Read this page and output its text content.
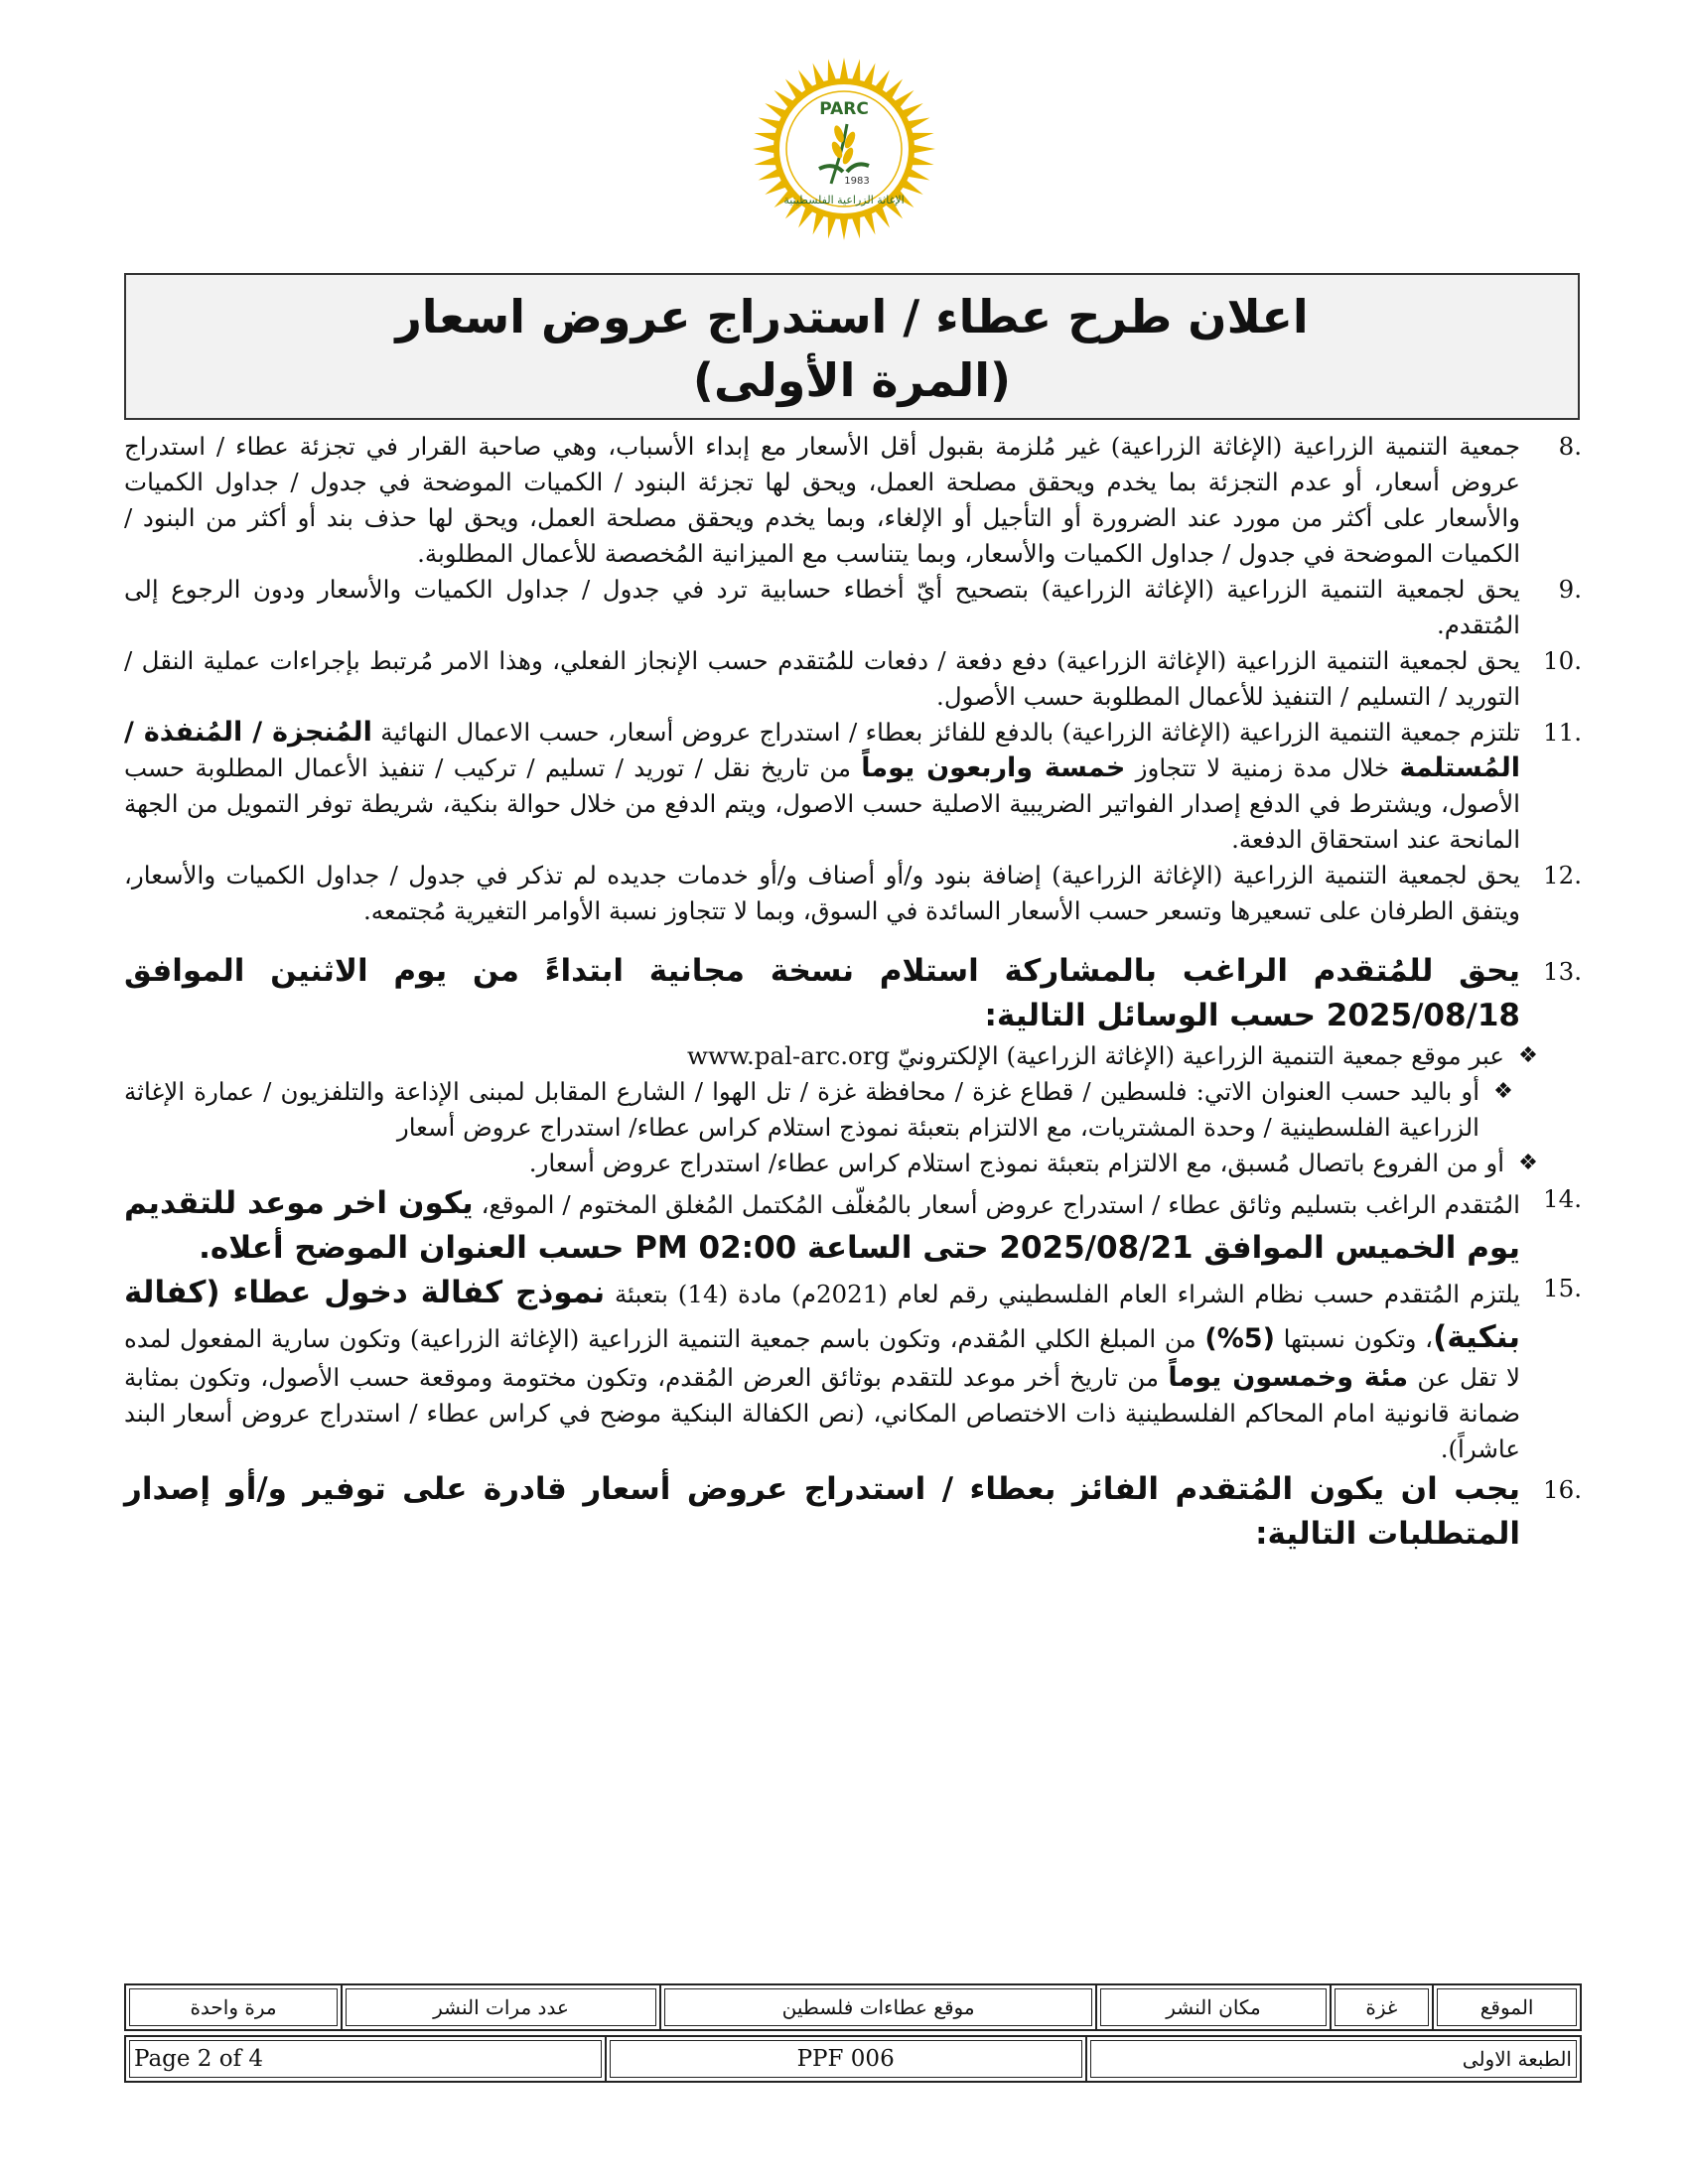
PARC
1983
الإغاثة الزراعية الفلسطينية
اعلان طرح عطاء / استدراج عروض اسعار
(المرة الأولى)
8.
جمعية التنمية الزراعية (الإغاثة الزراعية) غير مُلزمة بقبول أقل الأسعار مع إبداء الأسباب، وهي صاحبة القرار في تجزئة عطاء / استدراج عروض أسعار، أو عدم التجزئة بما يخدم ويحقق مصلحة العمل، ويحق لها تجزئة البنود / الكميات الموضحة في جدول / جداول الكميات والأسعار على أكثر من مورد عند الضرورة أو التأجيل أو الإلغاء، وبما يخدم ويحقق مصلحة العمل، ويحق لها حذف بند أو أكثر من البنود / الكميات الموضحة في جدول / جداول الكميات والأسعار، وبما يتناسب مع الميزانية المُخصصة للأعمال المطلوبة.
9.
يحق لجمعية التنمية الزراعية (الإغاثة الزراعية) بتصحيح أيّ أخطاء حسابية ترد في جدول / جداول الكميات والأسعار ودون الرجوع إلى المُتقدم.
10.
يحق لجمعية التنمية الزراعية (الإغاثة الزراعية) دفع دفعة / دفعات للمُتقدم حسب الإنجاز الفعلي، وهذا الامر مُرتبط بإجراءات عملية النقل / التوريد / التسليم / التنفيذ للأعمال المطلوبة حسب الأصول.
11.
تلتزم جمعية التنمية الزراعية (الإغاثة الزراعية) بالدفع للفائز بعطاء / استدراج عروض أسعار، حسب الاعمال النهائية المُنجزة / المُنفذة / المُستلمة خلال مدة زمنية لا تتجاوز خمسة واربعون يوماً من تاريخ نقل / توريد / تسليم / تركيب / تنفيذ الأعمال المطلوبة حسب الأصول، ويشترط في الدفع إصدار الفواتير الضريبية الاصلية حسب الاصول، ويتم الدفع من خلال حوالة بنكية، شريطة توفر التمويل من الجهة المانحة عند استحقاق الدفعة.
12.
يحق لجمعية التنمية الزراعية (الإغاثة الزراعية) إضافة بنود و/أو أصناف و/أو خدمات جديده لم تذكر في جدول / جداول الكميات والأسعار، ويتفق الطرفان على تسعيرها وتسعر حسب الأسعار السائدة في السوق، وبما لا تتجاوز نسبة الأوامر التغيرية مُجتمعه.
13.
يحق للمُتقدم الراغب بالمشاركة استلام نسخة مجانية ابتداءً من يوم الاثنين الموافق 2025/08/18 حسب الوسائل التالية:
❖
عبر موقع جمعية التنمية الزراعية (الإغاثة الزراعية) الإلكترونيّ www.pal-arc.org
❖
أو باليد حسب العنوان الاتي: فلسطين / قطاع غزة / محافظة غزة / تل الهوا / الشارع المقابل لمبنى الإذاعة والتلفزيون / عمارة الإغاثة الزراعية الفلسطينية / وحدة المشتريات، مع الالتزام بتعبئة نموذج استلام كراس عطاء/ استدراج عروض أسعار
❖
أو من الفروع باتصال مُسبق، مع الالتزام بتعبئة نموذج استلام كراس عطاء/ استدراج عروض أسعار.
14.
المُتقدم الراغب بتسليم وثائق عطاء / استدراج عروض أسعار بالمُغلّف المُكتمل المُغلق المختوم / الموقع، يكون اخر موعد للتقديم يوم الخميس الموافق 2025/08/21 حتى الساعة 02:00 PM حسب العنوان الموضح أعلاه.
15.
يلتزم المُتقدم حسب نظام الشراء العام الفلسطيني رقم لعام (2021م) مادة (14) بتعبئة نموذج كفالة دخول عطاء (كفالة بنكية)، وتكون نسبتها (5%) من المبلغ الكلي المُقدم، وتكون باسم جمعية التنمية الزراعية (الإغاثة الزراعية) وتكون سارية المفعول لمده لا تقل عن مئة وخمسون يوماً من تاريخ أخر موعد للتقدم بوثائق العرض المُقدم، وتكون مختومة وموقعة حسب الأصول، وتكون بمثابة ضمانة قانونية امام المحاكم الفلسطينية ذات الاختصاص المكاني، (نص الكفالة البنكية موضح في كراس عطاء / استدراج عروض أسعار البند عاشراً).
16.
يجب ان يكون المُتقدم الفائز بعطاء / استدراج عروض أسعار قادرة على توفير و/أو إصدار المتطلبات التالية:
الموقع	غزة	مكان النشر	موقع عطاءات فلسطين	عدد مرات النشر	مرة واحدة
Page 2 of 4	PPF 006	الطبعة الاولى
